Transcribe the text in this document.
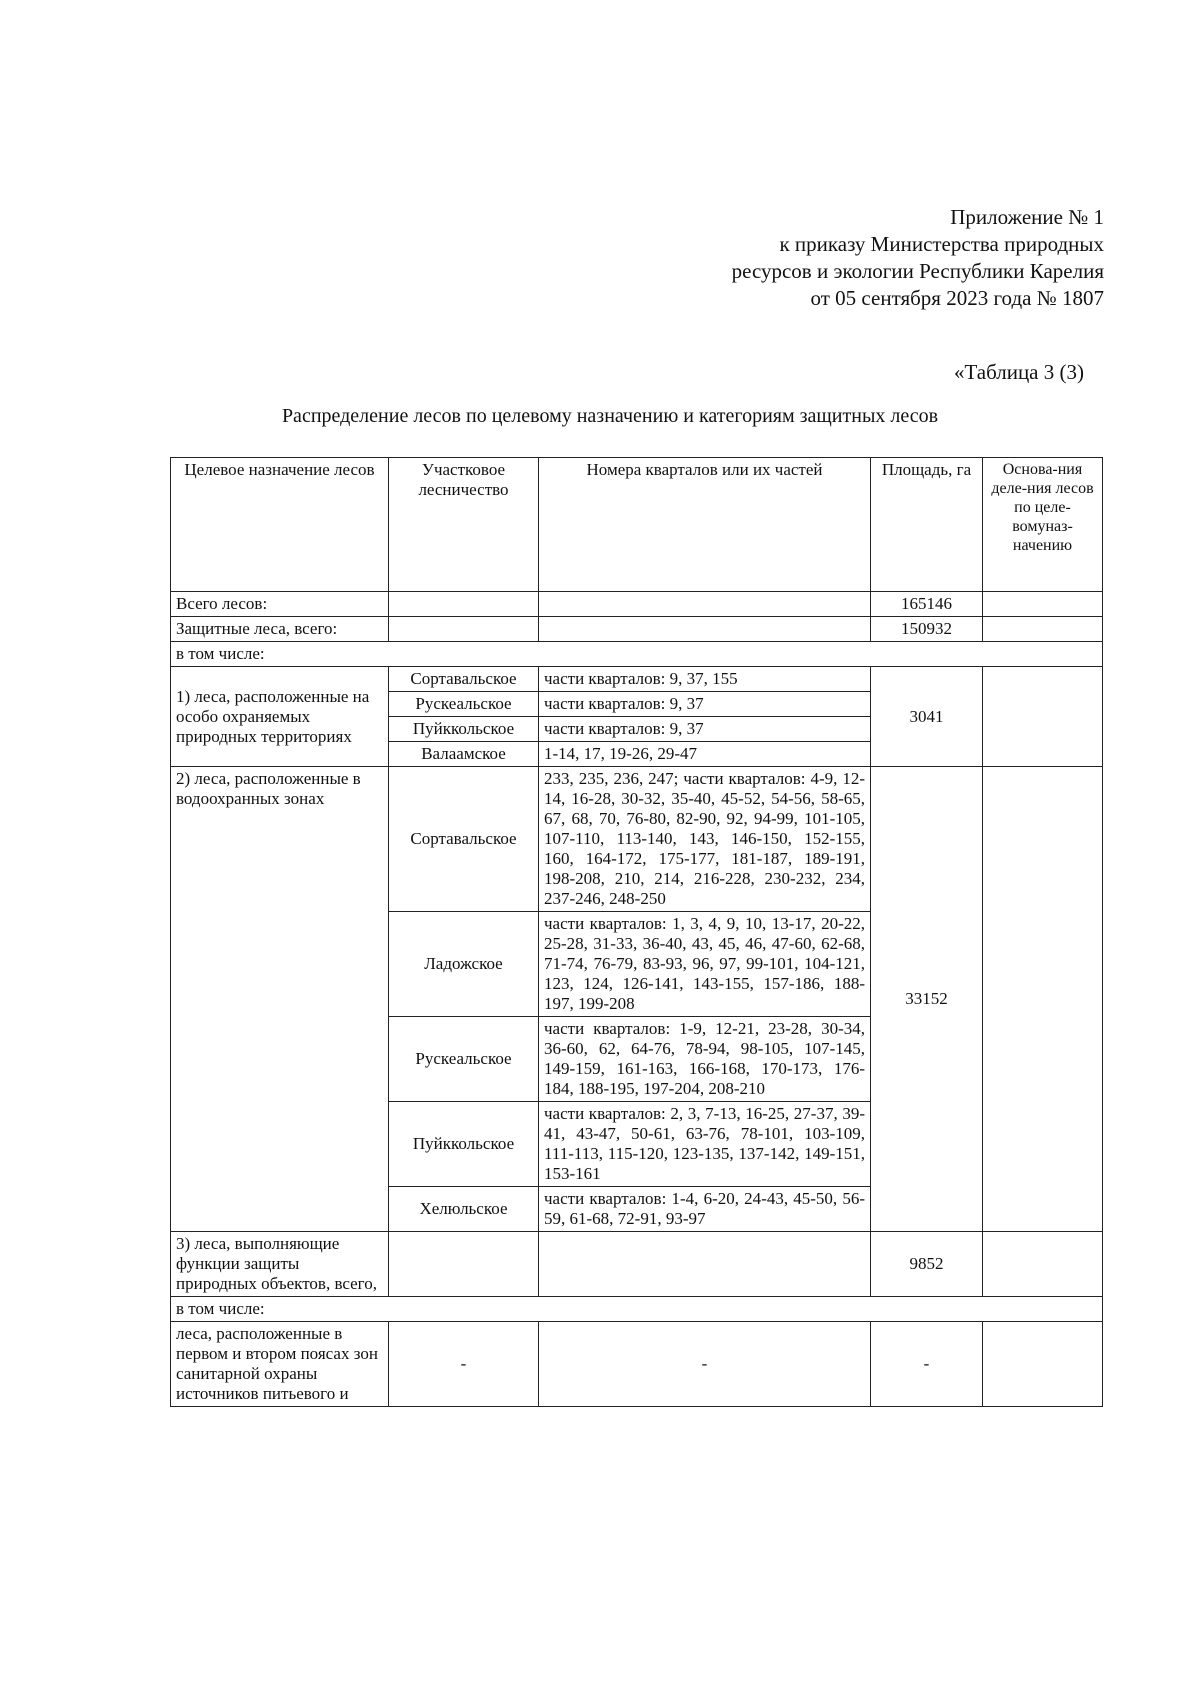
Приложение № 1
к приказу Министерства природных
ресурсов и экологии Республики Карелия
от 05 сентября 2023 года № 1807
«Таблица 3 (3)
Распределение лесов по целевому назначению и категориям защитных лесов
Целевое назначение лесов	Участковое лесничество	Номера кварталов или их частей	Площадь, га	Основа-ния деле-ния лесов по целе-вомуназ-начению
Всего лесов:			165146	
Защитные леса, всего:			150932	
в том числе:				
1) леса, расположенные на особо охраняемых природных территориях	Сортавальское	части кварталов: 9, 37, 155	3041	
	Рускеальское	части кварталов: 9, 37		
	Пуйккольское	части кварталов: 9, 37		
	Валаамское	1-14, 17, 19-26, 29-47		
2) леса, расположенные в водоохранных зонах	Сортавальское	233, 235, 236, 247; части кварталов: 4-9, 12-14, 16-28, 30-32, 35-40, 45-52, 54-56, 58-65, 67, 68, 70, 76-80, 82-90, 92, 94-99, 101-105, 107-110, 113-140, 143, 146-150, 152-155, 160, 164-172, 175-177, 181-187, 189-191, 198-208, 210, 214, 216-228, 230-232, 234, 237-246, 248-250	33152	
	Ладожское	части кварталов: 1, 3, 4, 9, 10, 13-17, 20-22, 25-28, 31-33, 36-40, 43, 45, 46, 47-60, 62-68, 71-74, 76-79, 83-93, 96, 97, 99-101, 104-121, 123, 124, 126-141, 143-155, 157-186, 188-197, 199-208		
	Рускеальское	части кварталов: 1-9, 12-21, 23-28, 30-34, 36-60, 62, 64-76, 78-94, 98-105, 107-145, 149-159, 161-163, 166-168, 170-173, 176-184, 188-195, 197-204, 208-210		
	Пуйккольское	части кварталов: 2, 3, 7-13, 16-25, 27-37, 39-41, 43-47, 50-61, 63-76, 78-101, 103-109, 111-113, 115-120, 123-135, 137-142, 149-151, 153-161		
	Хелюльское	части кварталов: 1-4, 6-20, 24-43, 45-50, 56-59, 61-68, 72-91, 93-97		
3) леса, выполняющие функции защиты природных объектов, всего,			9852	
в том числе:				
леса, расположенные в первом и втором поясах зон санитарной охраны источников питьевого и	-	-	-	
